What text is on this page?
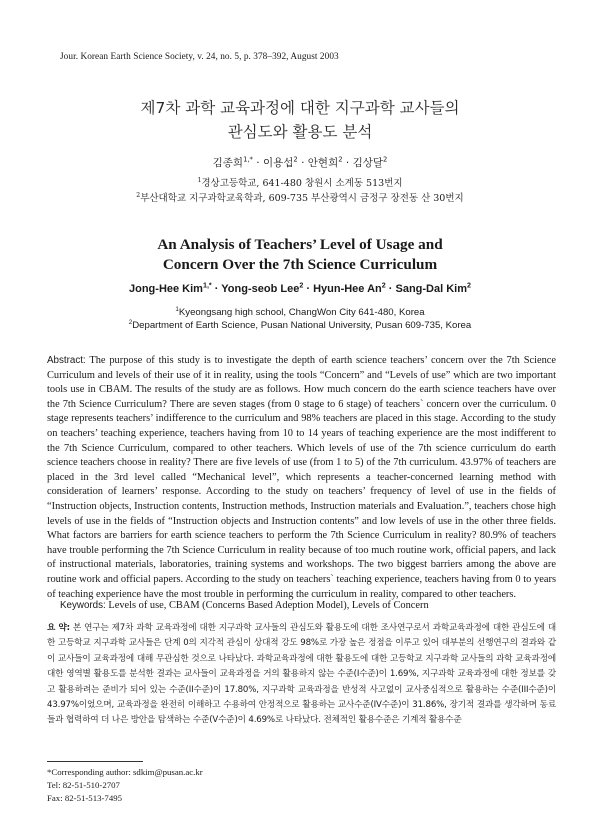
Jour. Korean Earth Science Society, v. 24, no. 5, p. 378–392, August 2003
제7차 과학 교육과정에 대한 지구과학 교사들의
관심도와 활용도 분석
김종희$^{1,*}$ · 이용섭$^2$ · 안현희$^2$ · 김상달$^2$
$^1$경상고등학교, 641-480 창원시 소계동 513번지
$^2$부산대학교 지구과학교육학과, 609-735 부산광역시 금정구 장전동 산 30번지
An Analysis of Teachers’ Level of Usage and
Concern Over the 7th Science Curriculum
Jong-Hee Kim$^{1,*}$ · Yong-seob Lee$^2$ · Hyun-Hee $An^2$ · Sang-Dal Kim$^2$
$^1$Kyeongsang high school, ChangWon City 641-480, Korea
$^2$Department of Earth Science, Pusan National University, Pusan 609-735, Korea
Abstract: The purpose of this study is to investigate the depth of earth science teachers’ concern over the 7th Science Curriculum and levels of their use of it in reality, using the tools “Concern” and “Levels of use” which are two important tools use in CBAM. The results of the study are as follows. How much concern do the earth science teachers have over the 7th Science Curriculum? There are seven stages (from 0 stage to 6 stage) of teachers` concern over the curriculum. 0 stage represents teachers’ indifference to the curriculum and 98% teachers are placed in this stage. According to the study on teachers’ teaching experience, teachers having from 10 to 14 years of teaching experience are the most indifferent to the 7th Science Curriculum, compared to other teachers. Which levels of use of the 7th science curriculum do earth science teachers choose in reality? There are five levels of use (from 1 to 5) of the 7th curriculum. 43.97% of teachers are placed in the 3rd level called “Mechanical level”, which represents a teacher-concerned learning method with consideration of learners’ response. According to the study on teachers’ frequency of level of use in the fields of “Instruction objects, Instruction contents, Instruction methods, Instruction materials and Evaluation.”, teachers chose high levels of use in the fields of “Instruction objects and Instruction contents” and low levels of use in the other three fields. What factors are barriers for earth science teachers to perform the 7th Science Curriculum in reality? 80.9% of teachers have trouble performing the 7th Science Curriculum in reality because of too much routine work, official papers, and lack of instructional materials, laboratories, training systems and workshops. The two biggest barriers among the above are routine work and official papers. According to the study on teachers` teaching experience, teachers having from 0 to years of teaching experience have the most trouble in performing the curriculum in reality, compared to other teachers.
Keywords: Levels of use, CBAM (Concerns Based Adeption Model), Levels of Concern
요 약: 본 연구는 제7차 과학 교육과정에 대한 지구과학 교사들의 관심도와 활용도에 대한 조사연구로서 과학교육과정에 대한 관심도에 대한 고등학교 지구과학 교사들은 단계 0의 지각적 관심이 상대적 강도 98%로 가장 높은 정점을 이루고 있어 대부분의 선행연구의 결과와 같이 교사들이 교육과정에 대해 무관심한 것으로 나타났다. 과학교육과정에 대한 활용도에 대한 고등학교 지구과학 교사들의 과학 교육과정에 대한 영역별 활용도를 분석한 결과는 교사들이 교육과정을 거의 활용하지 않는 수준(I수준)이 1.69%, 지구과학 교육과정에 대한 정보를 갖고 활용하려는 준비가 되어 있는 수준(II수준)이 17.80%, 지구과학 교육과정을 반성적 사고없이 교사중심적으로 활용하는 수준(III수준)이 43.97%이었으며, 교육과정을 완전히 이해하고 수용하여 안정적으로 활용하는 교사수준(IV수준)이 31.86%, 장기적 결과를 생각하며 동료들과 협력하여 더 나은 방안을 탐색하는 수준(V수준)이 4.69%로 나타났다. 전체적인 활용수준은 기계적 활용수준
*Corresponding author: sdkim@pusan.ac.kr
Tel: 82-51-510-2707
Fax: 82-51-513-7495
